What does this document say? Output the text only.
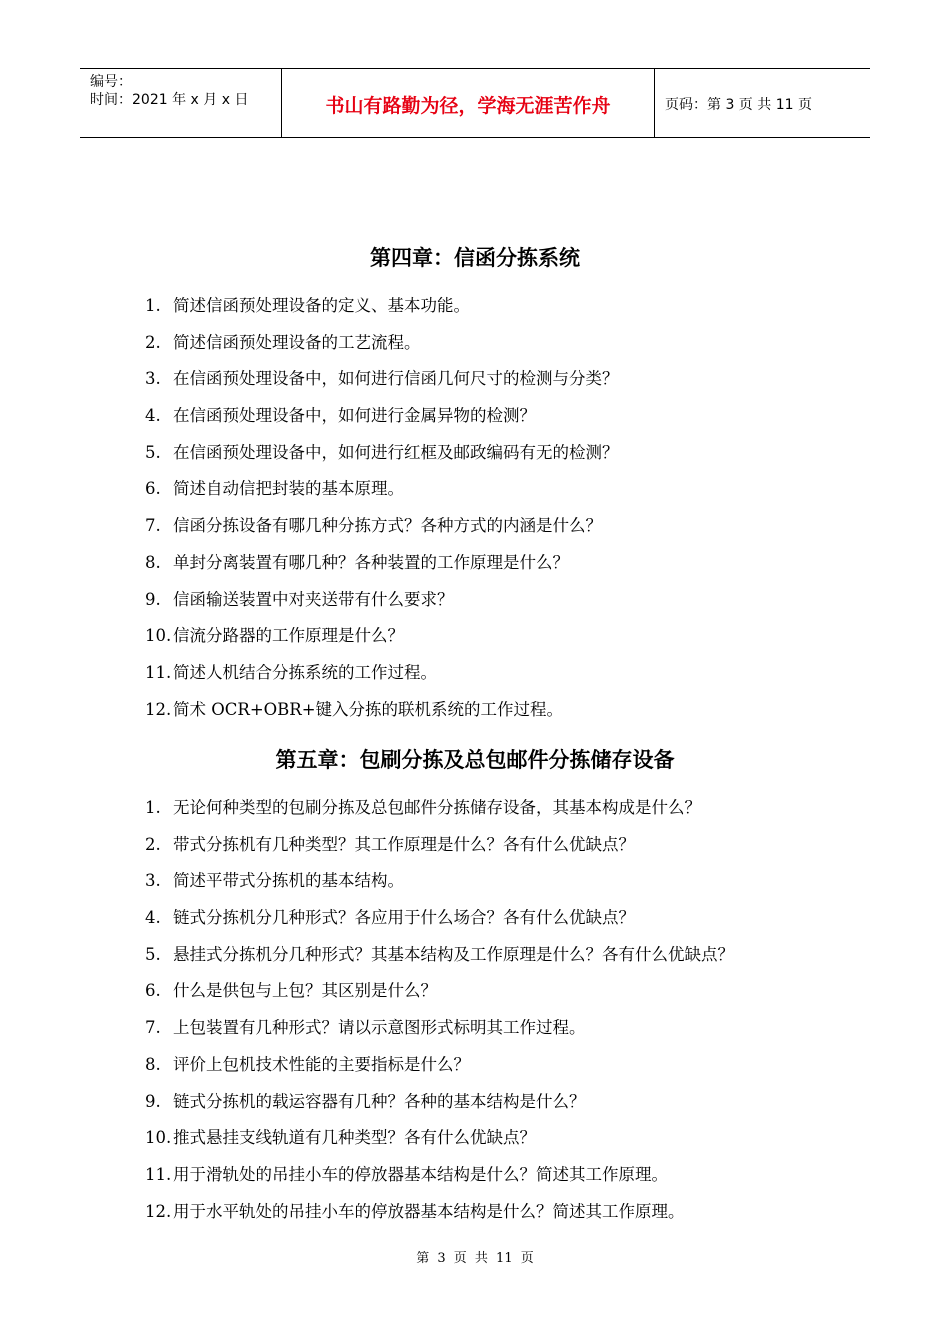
编号：
时间：2021 年 x 月 x 日	书山有路勤为径，学海无涯苦作舟	页码：第 3 页 共 11 页
第四章：信函分拣系统
1. 简述信函预处理设备的定义、基本功能。
2. 简述信函预处理设备的工艺流程。
3. 在信函预处理设备中，如何进行信函几何尺寸的检测与分类？
4. 在信函预处理设备中，如何进行金属异物的检测？
5. 在信函预处理设备中，如何进行红框及邮政编码有无的检测？
6. 简述自动信把封装的基本原理。
7. 信函分拣设备有哪几种分拣方式？各种方式的内涵是什么？
8. 单封分离装置有哪几种？各种装置的工作原理是什么？
9. 信函输送装置中对夹送带有什么要求？
10. 信流分路器的工作原理是什么？
11. 简述人机结合分拣系统的工作过程。
12. 简术 OCR+OBR+键入分拣的联机系统的工作过程。
第五章：包刷分拣及总包邮件分拣储存设备
1. 无论何种类型的包刷分拣及总包邮件分拣储存设备，其基本构成是什么？
2. 带式分拣机有几种类型？其工作原理是什么？各有什么优缺点？
3. 简述平带式分拣机的基本结构。
4. 链式分拣机分几种形式？各应用于什么场合？各有什么优缺点？
5. 悬挂式分拣机分几种形式？其基本结构及工作原理是什么？各有什么优缺点？
6. 什么是供包与上包？其区别是什么？
7. 上包装置有几种形式？请以示意图形式标明其工作过程。
8. 评价上包机技术性能的主要指标是什么？
9. 链式分拣机的载运容器有几种？各种的基本结构是什么？
10. 推式悬挂支线轨道有几种类型？各有什么优缺点？
11. 用于滑轨处的吊挂小车的停放器基本结构是什么？简述其工作原理。
12. 用于水平轨处的吊挂小车的停放器基本结构是什么？简述其工作原理。
第 3 页 共 11 页
